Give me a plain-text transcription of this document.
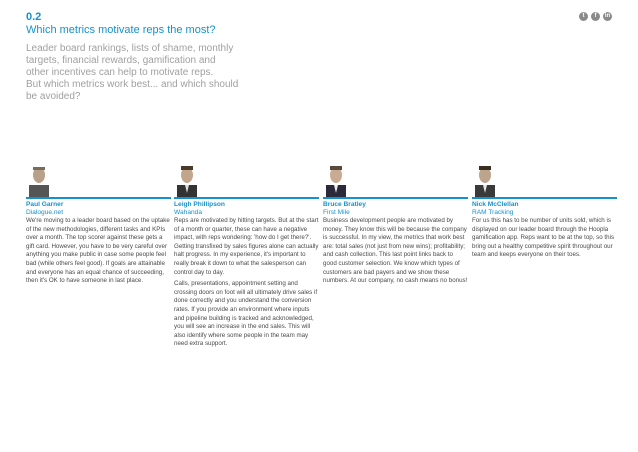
0.2
Which metrics motivate reps the most?
Leader board rankings, lists of shame, monthly
targets, financial rewards, gamification and
other incentives can help to motivate reps.
But which metrics work best... and which should
be avoided?
t	f	in
Paul Garner
Dialogue.net

We're moving to a leader board based on the uptake of the new methodologies, different tasks and KPIs over a month. The top scorer against these gets a gift card. However, you have to be very careful over anything you make public in case some people feel bad (while others feel good). If goals are attainable and everyone has an equal chance of succeeding, then it's OK to have someone in last place.

Leigh Phillipson
Wahanda

Reps are motivated by hitting targets. But at the start of a month or quarter, these can have a negative impact, with reps wondering: 'how do I get there?'. Getting transfixed by sales figures alone can actually halt progress. In my experience, it's important to really break it down to what the salesperson can control day to day.

Calls, presentations, appointment setting and crossing doors on foot will all ultimately drive sales if done correctly and you understand the conversion rates. If you provide an environment where inputs and pipeline building is tracked and acknowledged, you will see an increase in the end sales. This will also identify where some people in the team may need extra support.

Bruce Bratley
First Mile

Business development people are motivated by money. They know this will be because the company is successful. In my view, the metrics that work best are: total sales (not just from new wins); profitability; and cash collection. This last point links back to good customer selection. We know which types of customers are bad payers and we show these numbers. At our company, no cash means no bonus!

Nick McClellan
RAM Tracking

For us this has to be number of units sold, which is displayed on our leader board through the Hoopla gamification app. Reps want to be at the top, so this bring out a healthy competitive spirit throughout our team and keeps everyone on their toes.
